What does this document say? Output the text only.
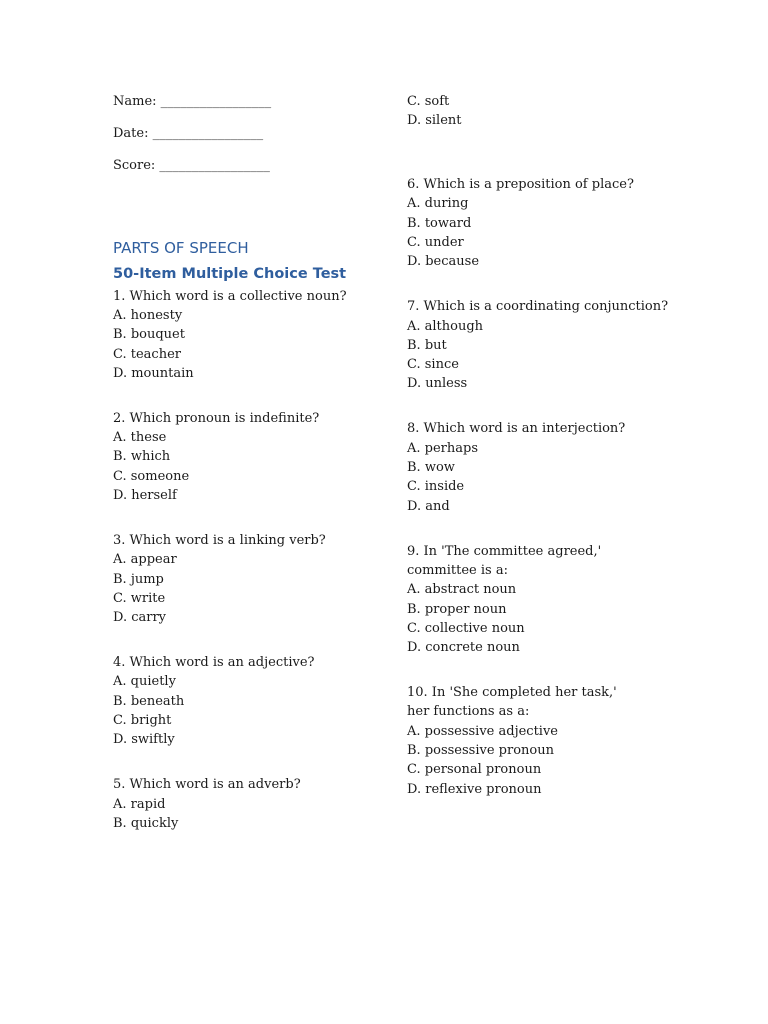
Name: _________________
Date: _________________
Score: _________________
PARTS OF SPEECH
50-Item Multiple Choice Test
1. Which word is a collective noun?
A. honesty
B. bouquet
C. teacher
D. mountain
2. Which pronoun is indefinite?
A. these
B. which
C. someone
D. herself
3. Which word is a linking verb?
A. appear
B. jump
C. write
D. carry
4. Which word is an adjective?
A. quietly
B. beneath
C. bright
D. swiftly
5. Which word is an adverb?
A. rapid
B. quickly
C. soft
D. silent
6. Which is a preposition of place?
A. during
B. toward
C. under
D. because
7. Which is a coordinating conjunction?
A. although
B. but
C. since
D. unless
8. Which word is an interjection?
A. perhaps
B. wow
C. inside
D. and
9. In 'The committee agreed,' committee is a:
A. abstract noun
B. proper noun
C. collective noun
D. concrete noun
10. In 'She completed her task,' her functions as a:
A. possessive adjective
B. possessive pronoun
C. personal pronoun
D. reflexive pronoun
